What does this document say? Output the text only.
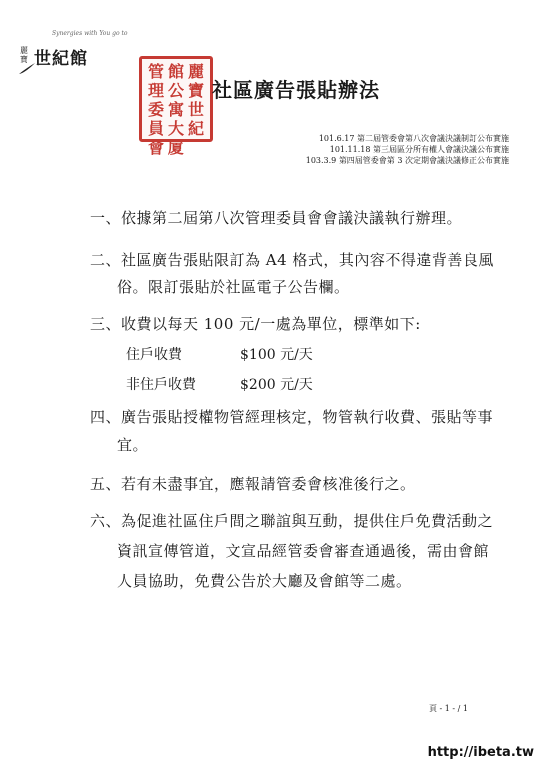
Synergies with You go to
麗寶 世紀館
麗寶世紀
館公寓大廈
管理委員會
社區廣告張貼辦法
101.6.17 第二屆管委會第八次會議決議制訂公布實施
101.11.18 第三屆區分所有權人會議決議公布實施
103.3.9 第四屆管委會第 3 次定期會議決議修正公布實施
一、依據第二屆第八次管理委員會會議決議執行辦理。
二、社區廣告張貼限訂為 A4 格式，其內容不得違背善良風
俗。限訂張貼於社區電子公告欄。
三、收費以每天 100 元/一處為單位，標準如下:
住戶收費	$100 元/天
非住戶收費	$200 元/天
四、廣告張貼授權物管經理核定，物管執行收費、張貼等事
宜。
五、若有未盡事宜，應報請管委會核准後行之。
六、為促進社區住戶間之聯誼與互動，提供住戶免費活動之
資訊宣傳管道，文宣品經管委會審查通過後，需由會館
人員協助，免費公告於大廳及會館等二處。
頁 - 1 - / 1
http://ibeta.tw
